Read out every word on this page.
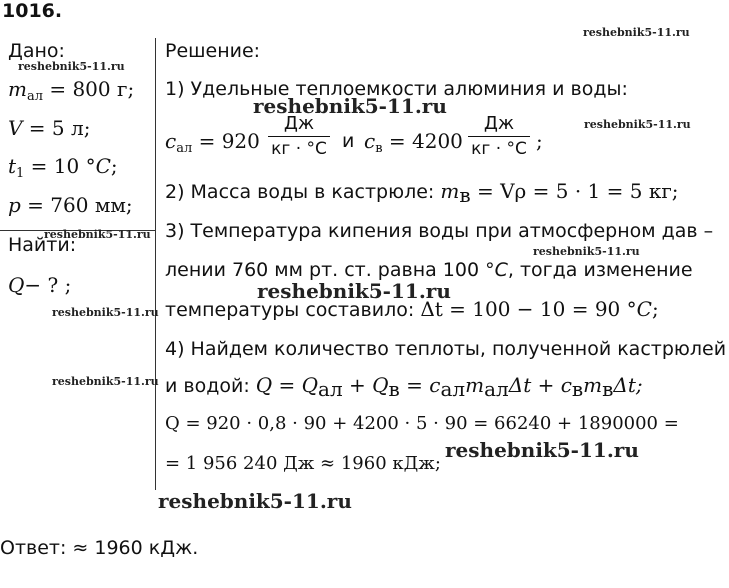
1016.
Дано:
$m_{ал} = 800$ г;
V = 5 л;
$t_1 = 10$ °C;
p = 760 мм;
Найти:
Q− ? ;
Решение:
1) Удельные теплоемкости алюминия и воды:
$c_{ал} = 920$
Дж
кг · °C и $c_в = 4200$
Дж
кг · °C ;
2) Масса воды в кастрюле: $m_в = V\rho = 5 \cdot 1 = 5$ кг;
3) Температура кипения воды при атмосферном дав –
лении 760 мм рт. ст. равна 100 °C, тогда изменение
температуры составило: Δt = 100 − 10 = 90 °C;
4) Найдем количество теплоты, полученной кастрюлей
и водой: $Q = Q_{ал} + Q_в = c_{ал}m_{ал}\Delta t + c_вm_в\Delta t$;
Q = 920 · 0,8 · 90 + 4200 · 5 · 90 = 66240 + 1890000 =
= 1 956 240 Дж ≈ 1960 кДж;
Ответ: ≈ 1960 кДж.
reshebnik5-11.ru
reshebnik5-11.ru
reshebnik5-11.ru
reshebnik5-11.ru
reshebnik5-11.ru
reshebnik5-11.ru
reshebnik5-11.ru
reshebnik5-11.ru
reshebnik5-11.ru
reshebnik5-11.ru
reshebnik5-11.ru
